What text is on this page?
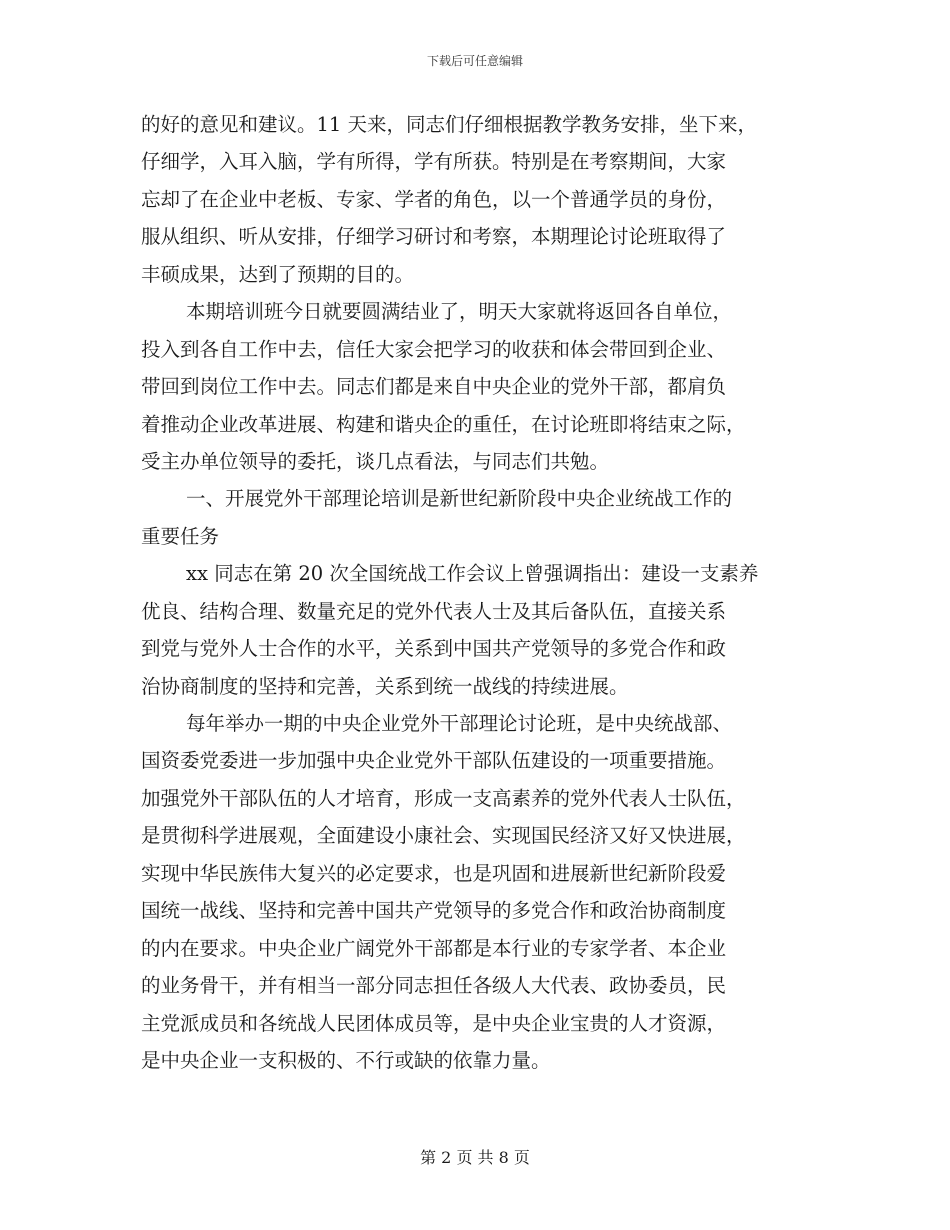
下载后可任意编辑
的好的意见和建议。11 天来，同志们仔细根据教学教务安排，坐下来，
仔细学，入耳入脑，学有所得，学有所获。特别是在考察期间，大家
忘却了在企业中老板、专家、学者的角色，以一个普通学员的身份，
服从组织、听从安排，仔细学习研讨和考察，本期理论讨论班取得了
丰硕成果，达到了预期的目的。
本期培训班今日就要圆满结业了，明天大家就将返回各自单位，
投入到各自工作中去，信任大家会把学习的收获和体会带回到企业、
带回到岗位工作中去。同志们都是来自中央企业的党外干部，都肩负
着推动企业改革进展、构建和谐央企的重任，在讨论班即将结束之际，
受主办单位领导的委托，谈几点看法，与同志们共勉。
一、开展党外干部理论培训是新世纪新阶段中央企业统战工作的
重要任务
xx 同志在第 20 次全国统战工作会议上曾强调指出：建设一支素养
优良、结构合理、数量充足的党外代表人士及其后备队伍，直接关系
到党与党外人士合作的水平，关系到中国共产党领导的多党合作和政
治协商制度的坚持和完善，关系到统一战线的持续进展。
每年举办一期的中央企业党外干部理论讨论班，是中央统战部、
国资委党委进一步加强中央企业党外干部队伍建设的一项重要措施。
加强党外干部队伍的人才培育，形成一支高素养的党外代表人士队伍，
是贯彻科学进展观，全面建设小康社会、实现国民经济又好又快进展，
实现中华民族伟大复兴的必定要求，也是巩固和进展新世纪新阶段爱
国统一战线、坚持和完善中国共产党领导的多党合作和政治协商制度
的内在要求。中央企业广阔党外干部都是本行业的专家学者、本企业
的业务骨干，并有相当一部分同志担任各级人大代表、政协委员，民
主党派成员和各统战人民团体成员等，是中央企业宝贵的人才资源，
是中央企业一支积极的、不行或缺的依靠力量。
第 2 页 共 8 页
